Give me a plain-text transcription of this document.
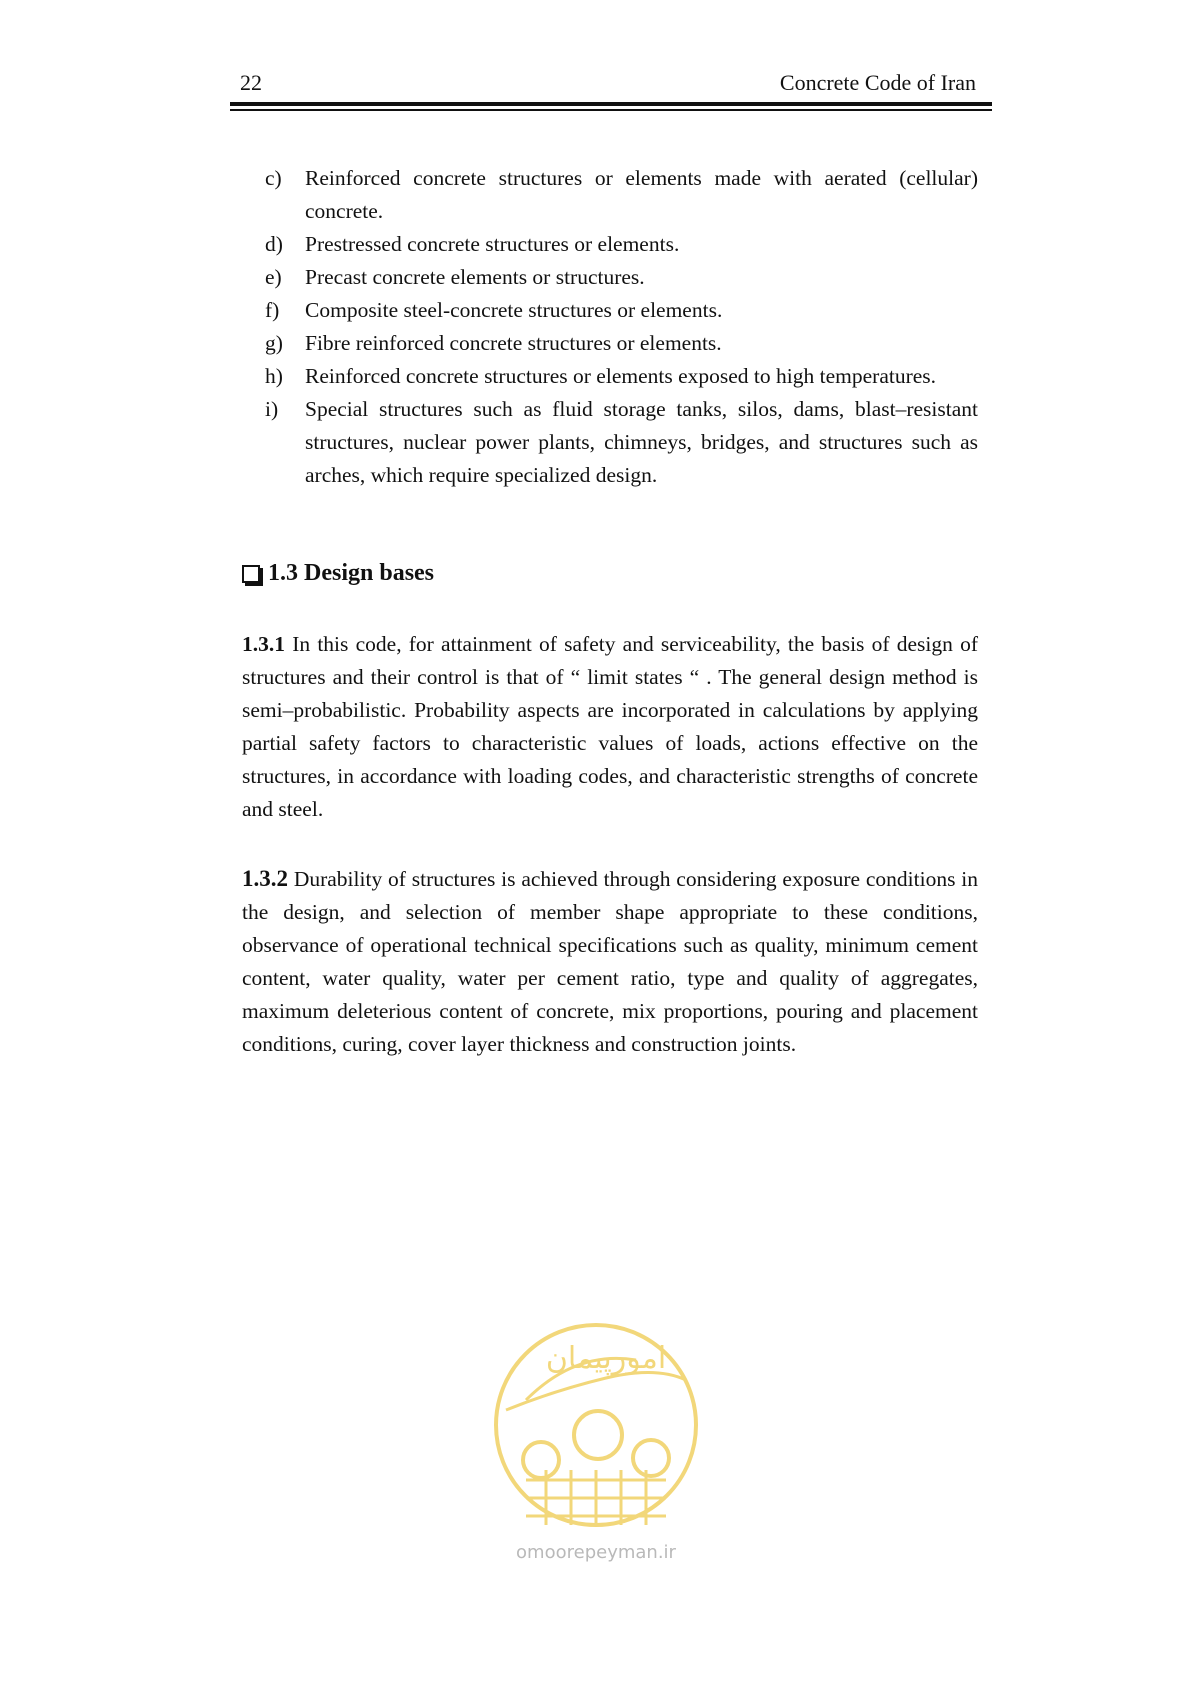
22	Concrete Code of Iran
c)	Reinforced concrete structures or elements made with aerated (cellular) concrete.
d)	Prestressed concrete structures or elements.
e)	Precast concrete elements or structures.
f)	Composite steel-concrete structures or elements.
g)	Fibre reinforced concrete structures or elements.
h)	Reinforced concrete structures or elements exposed to high temperatures.
i)	Special structures such as fluid storage tanks, silos, dams, blast–resistant structures, nuclear power plants, chimneys, bridges, and structures such as arches, which require specialized design.
1.3 Design bases

1.3.1 In this code, for attainment of safety and serviceability, the basis of design of structures and their control is that of “ limit states “ . The general design method is semi–probabilistic. Probability aspects are incorporated in calculations by applying partial safety factors to characteristic values of loads, actions effective on the structures, in accordance with loading codes, and characteristic strengths of concrete and steel.

1.3.2 Durability of structures is achieved through considering exposure conditions in the design, and selection of member shape appropriate to these conditions, observance of operational technical specifications such as quality, minimum cement content, water quality, water per cement ratio, type and quality of aggregates, maximum deleterious content of concrete, mix proportions, pouring and placement conditions, curing, cover layer thickness and construction joints.

امورپیمان
omoorepeyman.ir
